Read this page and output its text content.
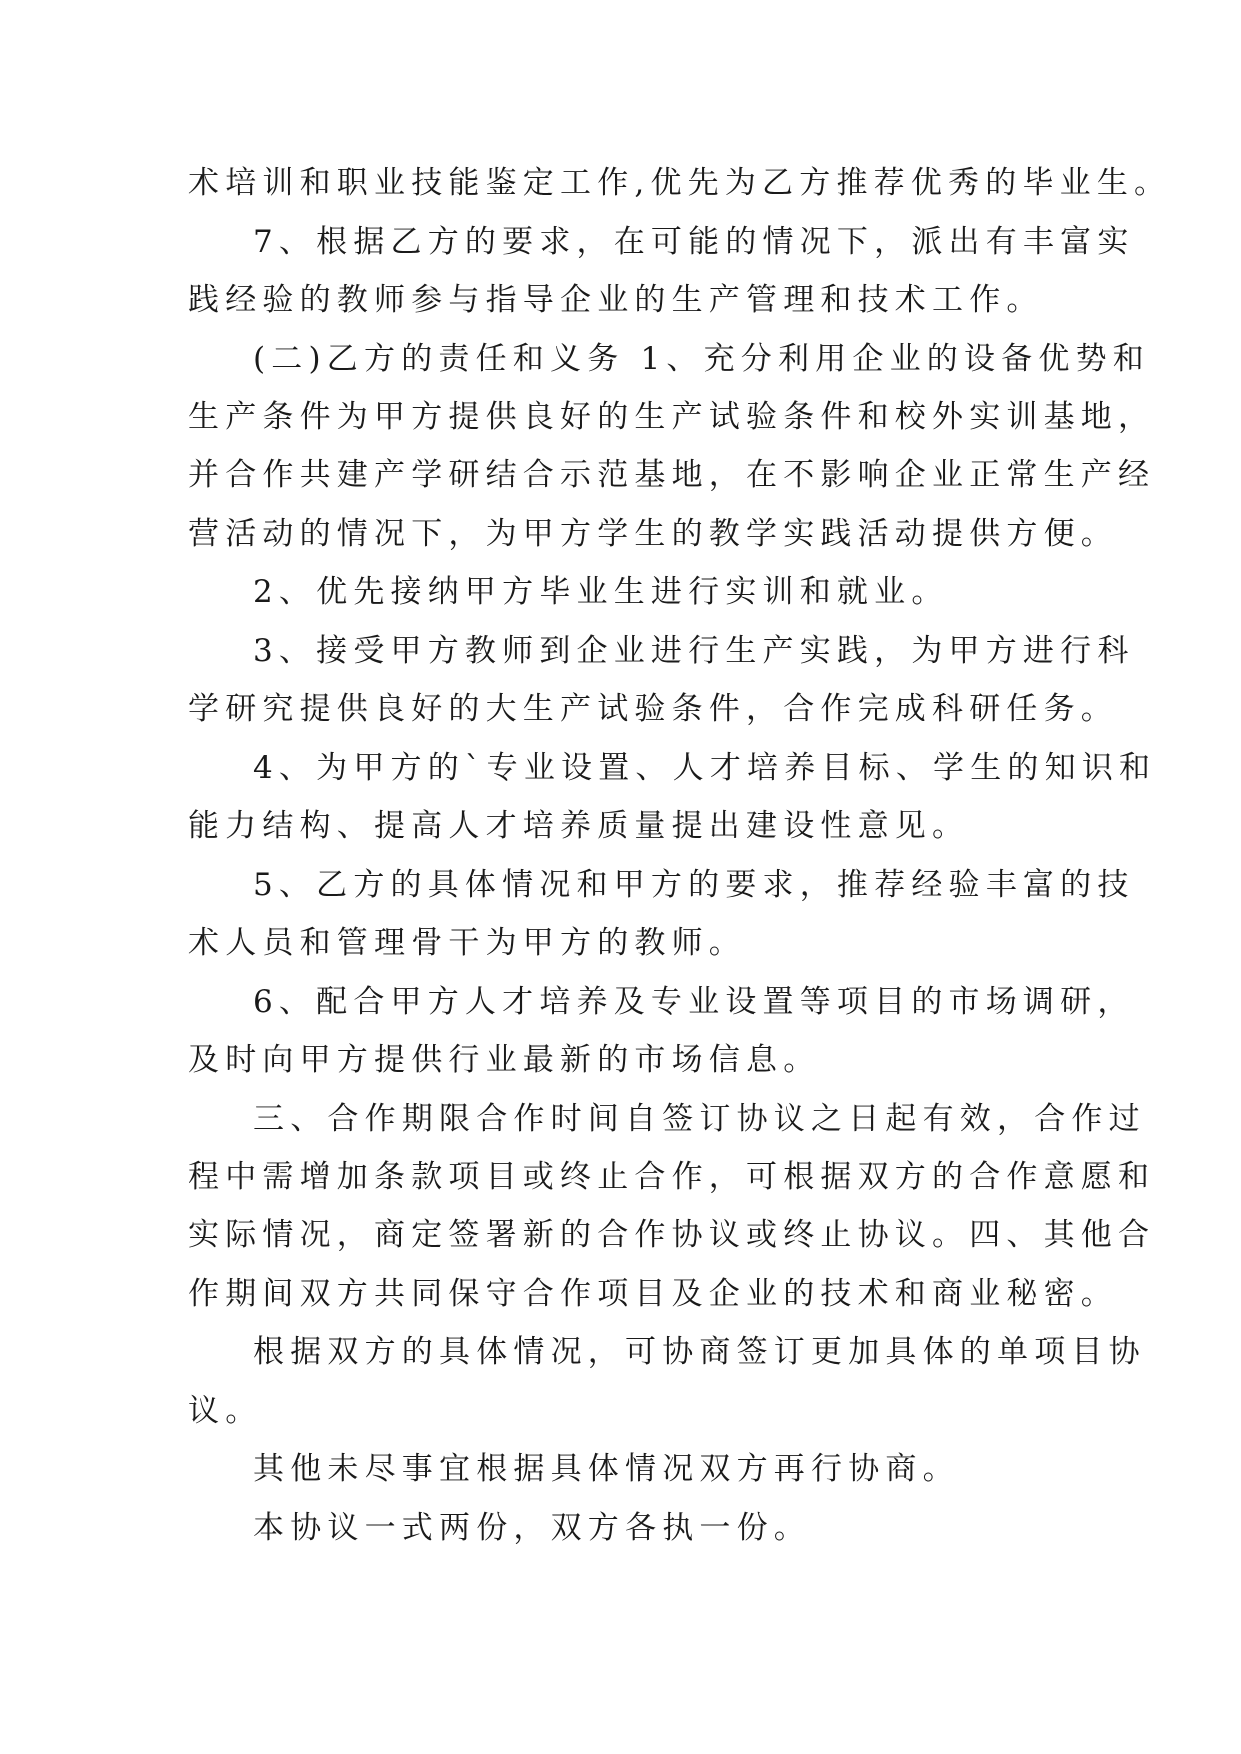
术培训和职业技能鉴定工作,优先为乙方推荐优秀的毕业生。
7、根据乙方的要求，在可能的情况下，派出有丰富实
践经验的教师参与指导企业的生产管理和技术工作。
(二)乙方的责任和义务 1、充分利用企业的设备优势和
生产条件为甲方提供良好的生产试验条件和校外实训基地，
并合作共建产学研结合示范基地，在不影响企业正常生产经
营活动的情况下，为甲方学生的教学实践活动提供方便。
2、优先接纳甲方毕业生进行实训和就业。
3、接受甲方教师到企业进行生产实践，为甲方进行科
学研究提供良好的大生产试验条件，合作完成科研任务。
4、为甲方的`专业设置、人才培养目标、学生的知识和
能力结构、提高人才培养质量提出建设性意见。
5、乙方的具体情况和甲方的要求，推荐经验丰富的技
术人员和管理骨干为甲方的教师。
6、配合甲方人才培养及专业设置等项目的市场调研，
及时向甲方提供行业最新的市场信息。
三、合作期限合作时间自签订协议之日起有效，合作过
程中需增加条款项目或终止合作，可根据双方的合作意愿和
实际情况，商定签署新的合作协议或终止协议。四、其他合
作期间双方共同保守合作项目及企业的技术和商业秘密。
根据双方的具体情况，可协商签订更加具体的单项目协
议。
其他未尽事宜根据具体情况双方再行协商。
本协议一式两份，双方各执一份。
